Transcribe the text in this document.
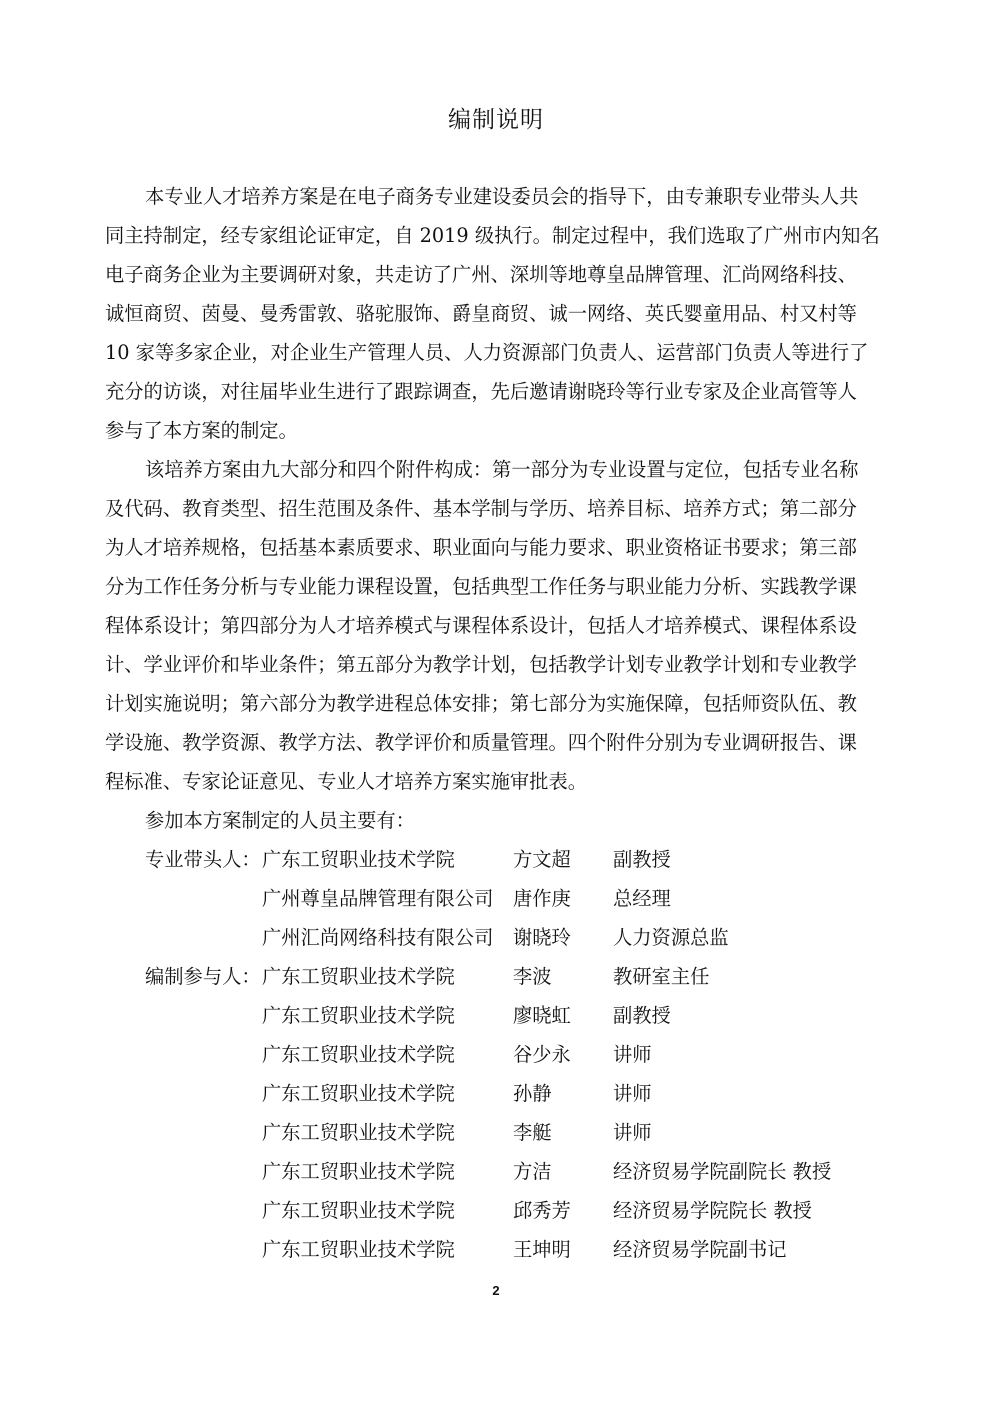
编制说明
本专业人才培养方案是在电子商务专业建设委员会的指导下，由专兼职专业带头人共
同主持制定，经专家组论证审定，自 2019 级执行。制定过程中，我们选取了广州市内知名
电子商务企业为主要调研对象，共走访了广州、深圳等地尊皇品牌管理、汇尚网络科技、
诚恒商贸、茵曼、曼秀雷敦、骆驼服饰、爵皇商贸、诚一网络、英氏婴童用品、村又村等
10 家等多家企业，对企业生产管理人员、人力资源部门负责人、运营部门负责人等进行了
充分的访谈，对往届毕业生进行了跟踪调查，先后邀请谢晓玲等行业专家及企业高管等人
参与了本方案的制定。
该培养方案由九大部分和四个附件构成：第一部分为专业设置与定位，包括专业名称
及代码、教育类型、招生范围及条件、基本学制与学历、培养目标、培养方式；第二部分
为人才培养规格，包括基本素质要求、职业面向与能力要求、职业资格证书要求；第三部
分为工作任务分析与专业能力课程设置，包括典型工作任务与职业能力分析、实践教学课
程体系设计；第四部分为人才培养模式与课程体系设计，包括人才培养模式、课程体系设
计、学业评价和毕业条件；第五部分为教学计划，包括教学计划专业教学计划和专业教学
计划实施说明；第六部分为教学进程总体安排；第七部分为实施保障，包括师资队伍、教
学设施、教学资源、教学方法、教学评价和质量管理。四个附件分别为专业调研报告、课
程标准、专家论证意见、专业人才培养方案实施审批表。
参加本方案制定的人员主要有：
专业带头人： 广东工贸职业技术学院	方文超 副教授
广州尊皇品牌管理有限公司 唐作庚 总经理
广州汇尚网络科技有限公司 谢晓玲 人力资源总监
编制参与人： 广东工贸职业技术学院	李波	教研室主任
广东工贸职业技术学院	廖晓虹 副教授
广东工贸职业技术学院	谷少永 讲师
广东工贸职业技术学院	孙静	讲师
广东工贸职业技术学院	李艇	讲师
广东工贸职业技术学院	方洁	经济贸易学院副院长 教授
广东工贸职业技术学院	邱秀芳 经济贸易学院院长 教授
广东工贸职业技术学院	王坤明 经济贸易学院副书记
2
